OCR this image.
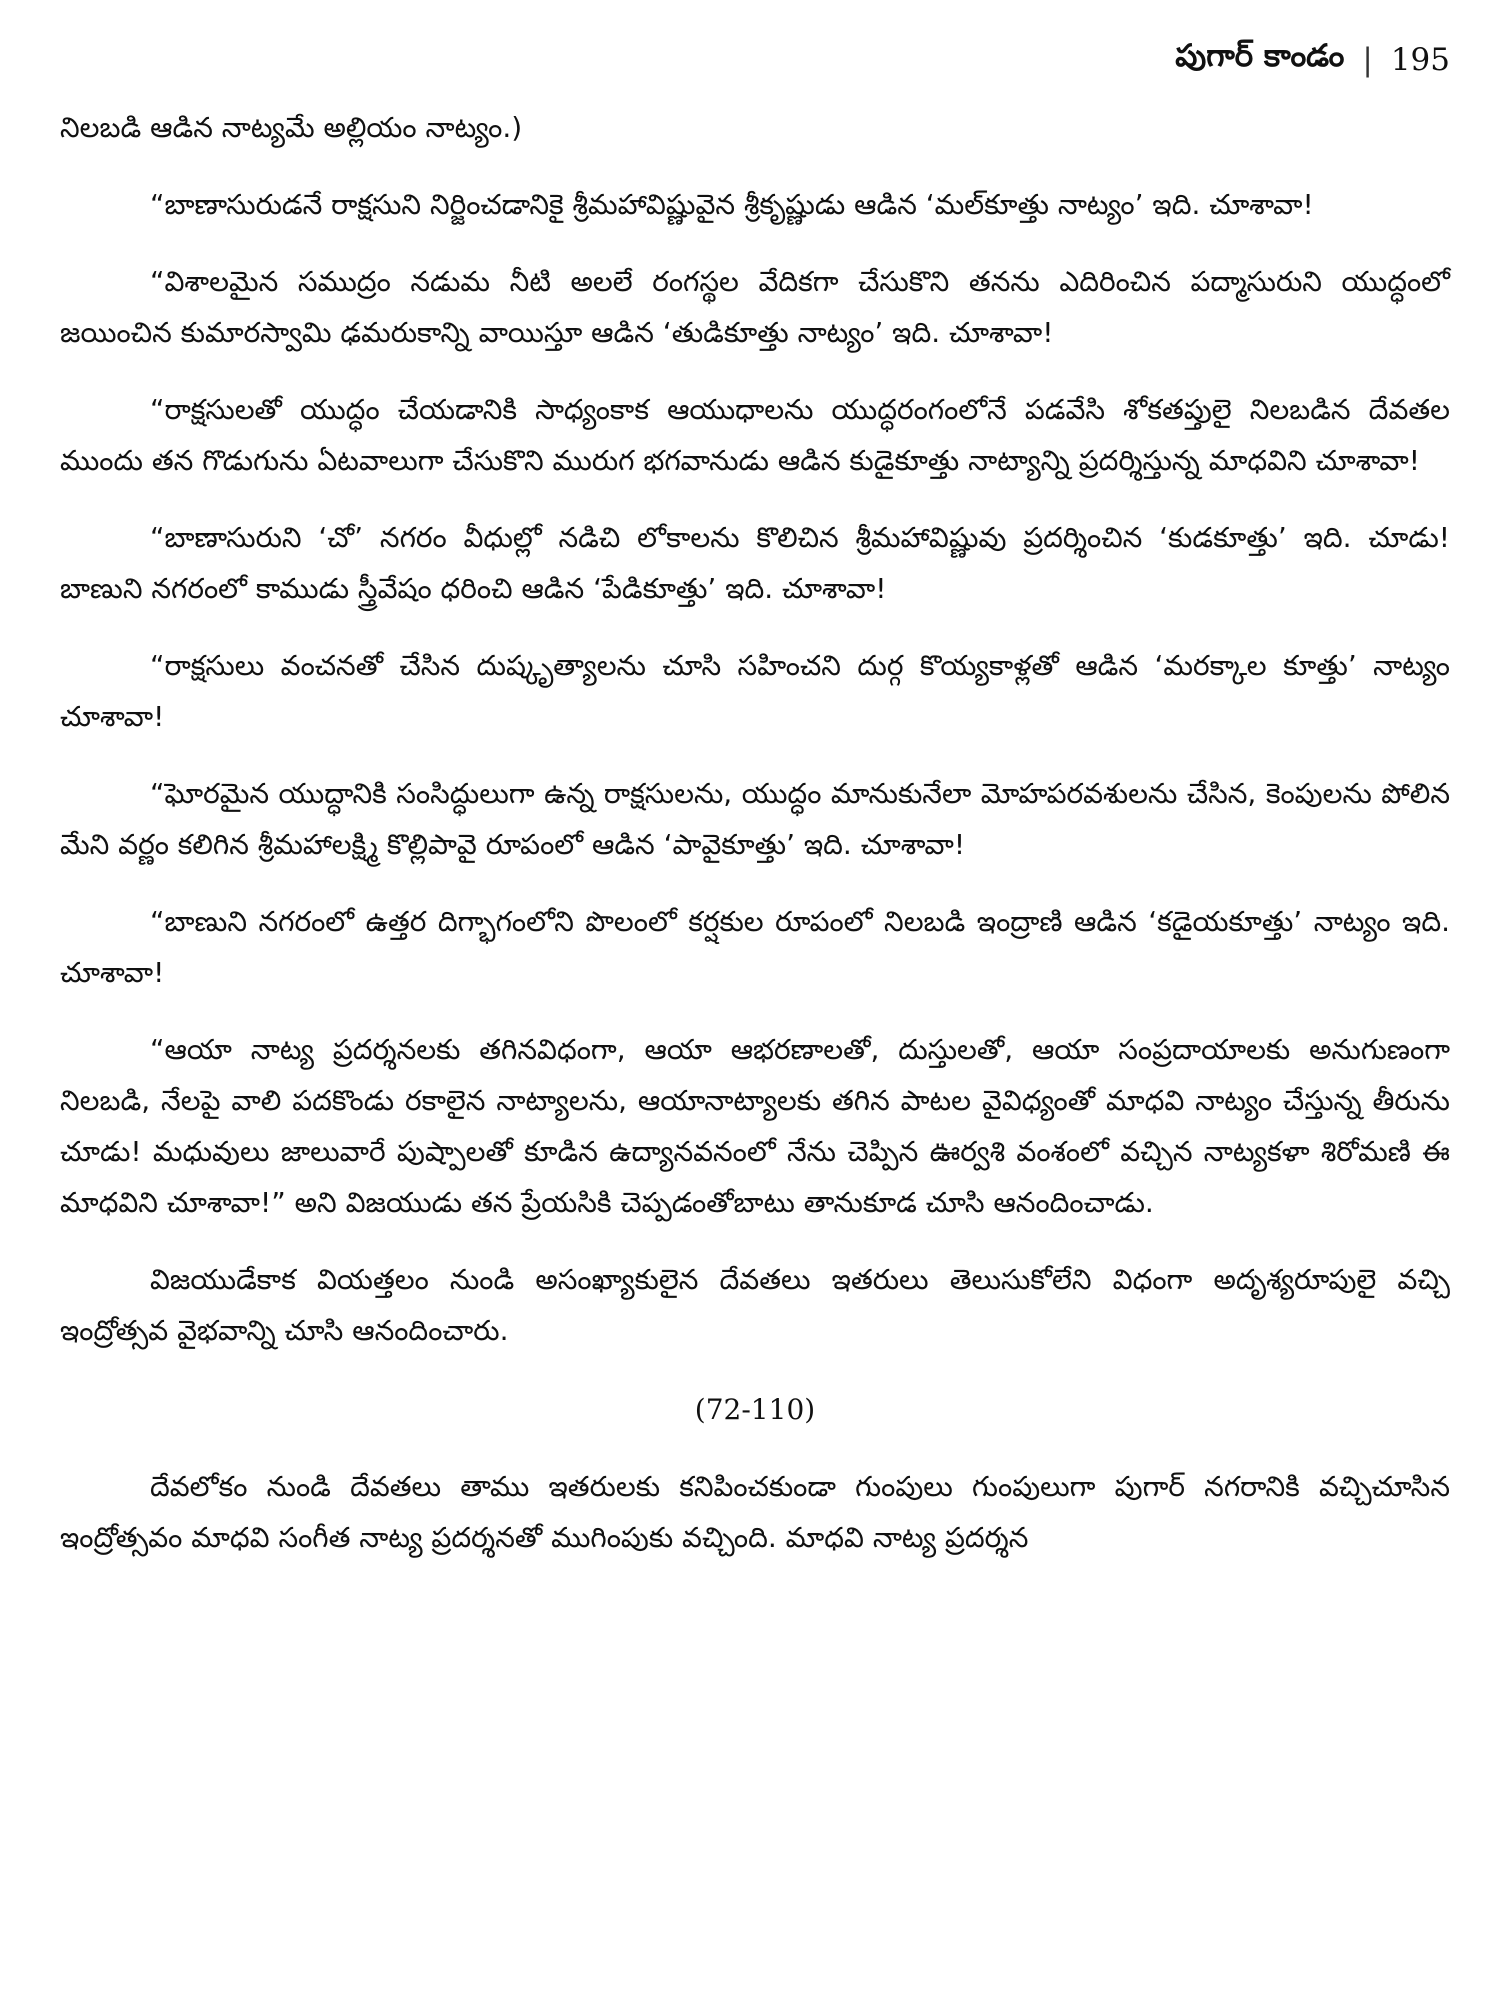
పుగార్ కాండం | 195

నిలబడి ఆడిన నాట్యమే అల్లియం నాట్యం.)

“బాణాసురుడనే రాక్షసుని నిర్జించడానికై శ్రీమహావిష్ణువైన శ్రీకృష్ణుడు ఆడిన ‘మల్‌కూత్తు నాట్యం’ ఇది. చూశావా!

“విశాలమైన సముద్రం నడుమ నీటి అలలే రంగస్థల వేదికగా చేసుకొని తనను ఎదిరించిన పద్మాసురుని యుద్ధంలో జయించిన కుమారస్వామి ఢమరుకాన్ని వాయిస్తూ ఆడిన ‘తుడికూత్తు నాట్యం’ ఇది. చూశావా!

“రాక్షసులతో యుద్ధం చేయడానికి సాధ్యంకాక ఆయుధాలను యుద్ధరంగంలోనే పడవేసి శోకతప్తులై నిలబడిన దేవతల ముందు తన గొడుగును ఏటవాలుగా చేసుకొని మురుగ భగవానుడు ఆడిన కుడైకూత్తు నాట్యాన్ని ప్రదర్శిస్తున్న మాధవిని చూశావా!

“బాణాసురుని ‘చో’ నగరం వీధుల్లో నడిచి లోకాలను కొలిచిన శ్రీమహావిష్ణువు ప్రదర్శించిన ‘కుడకూత్తు’ ఇది. చూడు! బాణుని నగరంలో కాముడు స్త్రీవేషం ధరించి ఆడిన ‘పేడికూత్తు’ ఇది. చూశావా!

“రాక్షసులు వంచనతో చేసిన దుష్కృత్యాలను చూసి సహించని దుర్గ కొయ్యకాళ్లతో ఆడిన ‘మరక్కాల కూత్తు’ నాట్యం చూశావా!

“ఘోరమైన యుద్ధానికి సంసిద్ధులుగా ఉన్న రాక్షసులను, యుద్ధం మానుకునేలా మోహపరవశులను చేసిన, కెంపులను పోలిన మేని వర్ణం కలిగిన శ్రీమహాలక్ష్మి కొల్లిపావై రూపంలో ఆడిన ‘పావైకూత్తు’ ఇది. చూశావా!

“బాణుని నగరంలో ఉత్తర దిగ్భాగంలోని పొలంలో కర్షకుల రూపంలో నిలబడి ఇంద్రాణి ఆడిన ‘కడైయకూత్తు’ నాట్యం ఇది. చూశావా!

“ఆయా నాట్య ప్రదర్శనలకు తగినవిధంగా, ఆయా ఆభరణాలతో, దుస్తులతో, ఆయా సంప్రదాయాలకు అనుగుణంగా నిలబడి, నేలపై వాలి పదకొండు రకాలైన నాట్యాలను, ఆయానాట్యాలకు తగిన పాటల వైవిధ్యంతో మాధవి నాట్యం చేస్తున్న తీరును చూడు! మధువులు జాలువారే పుష్పాలతో కూడిన ఉద్యానవనంలో నేను చెప్పిన ఊర్వశి వంశంలో వచ్చిన నాట్యకళా శిరోమణి ఈ మాధవిని చూశావా!” అని విజయుడు తన ప్రేయసికి చెప్పడంతోబాటు తానుకూడ చూసి ఆనందించాడు.

విజయుడేకాక వియత్తలం నుండి అసంఖ్యాకులైన దేవతలు ఇతరులు తెలుసుకోలేని విధంగా అదృశ్యరూపులై వచ్చి ఇంద్రోత్సవ వైభవాన్ని చూసి ఆనందించారు.

(72-110)

దేవలోకం నుండి దేవతలు తాము ఇతరులకు కనిపించకుండా గుంపులు గుంపులుగా పుగార్ నగరానికి వచ్చిచూసిన ఇంద్రోత్సవం మాధవి సంగీత నాట్య ప్రదర్శనతో ముగింపుకు వచ్చింది. మాధవి నాట్య ప్రదర్శన
